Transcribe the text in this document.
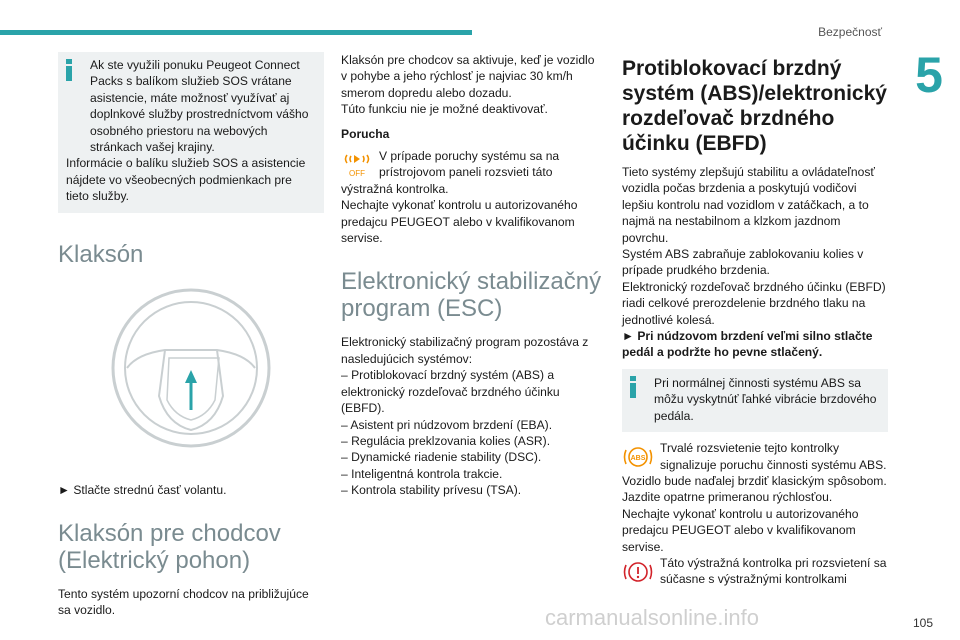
Bezpečnosť
5

Ak ste využili ponuku Peugeot Connect Packs s balíkom služieb SOS vrátane asistencie, máte možnosť využívať aj doplnkové služby prostredníctvom vášho osobného priestoru na webových stránkach vašej krajiny.

Informácie o balíku služieb SOS a asistencie nájdete vo všeobecných podmienkach pre tieto služby.

Klaksón

► Stlačte strednú časť volantu.

Klaksón pre chodcov
(Elektrický pohon)

Tento systém upozorní chodcov na približujúce sa vozidlo.

Klaksón pre chodcov sa aktivuje, keď je vozidlo v pohybe a jeho rýchlosť je najviac 30 km/h smerom dopredu alebo dozadu.

Túto funkciu nie je možné deaktivovať.

Porucha

OFF

V prípade poruchy systému sa na prístrojovom paneli rozsvieti táto výstražná kontrolka.

Nechajte vykonať kontrolu u autorizovaného predajcu PEUGEOT alebo v kvalifikovanom servise.

Elektronický stabilizačný
program (ESC)

Elektronický stabilizačný program pozostáva z nasledujúcich systémov:

– Protiblokovací brzdný systém (ABS) a elektronický rozdeľovač brzdného účinku (EBFD).

– Asistent pri núdzovom brzdení (EBA).

– Regulácia preklzovania kolies (ASR).

– Dynamické riadenie stability (DSC).

– Inteligentná kontrola trakcie.

– Kontrola stability prívesu (TSA).

Protiblokovací brzdný systém (ABS)/elektronický rozdeľovač brzdného účinku (EBFD)

Tieto systémy zlepšujú stabilitu a ovládateľnosť vozidla počas brzdenia a poskytujú vodičovi lepšiu kontrolu nad vozidlom v zatáčkach, a to najmä na nestabilnom a klzkom jazdnom povrchu.

Systém ABS zabraňuje zablokovaniu kolies v prípade prudkého brzdenia.

Elektronický rozdeľovač brzdného účinku (EBFD) riadi celkové prerozdelenie brzdného tlaku na jednotlivé kolesá.

► Pri núdzovom brzdení veľmi silno stlačte pedál a podržte ho pevne stlačený.

Pri normálnej činnosti systému ABS sa môžu vyskytnúť ľahké vibrácie brzdového pedála.

ABS

Trvalé rozsvietenie tejto kontrolky signalizuje poruchu činnosti systému ABS.

Vozidlo bude naďalej brzdiť klasickým spôsobom. Jazdite opatrne primeranou rýchlosťou.

Nechajte vykonať kontrolu u autorizovaného predajcu PEUGEOT alebo v kvalifikovanom servise.

Táto výstražná kontrolka pri rozsvietení sa súčasne s výstražnými kontrolkami

carmanualsonline.info	105
